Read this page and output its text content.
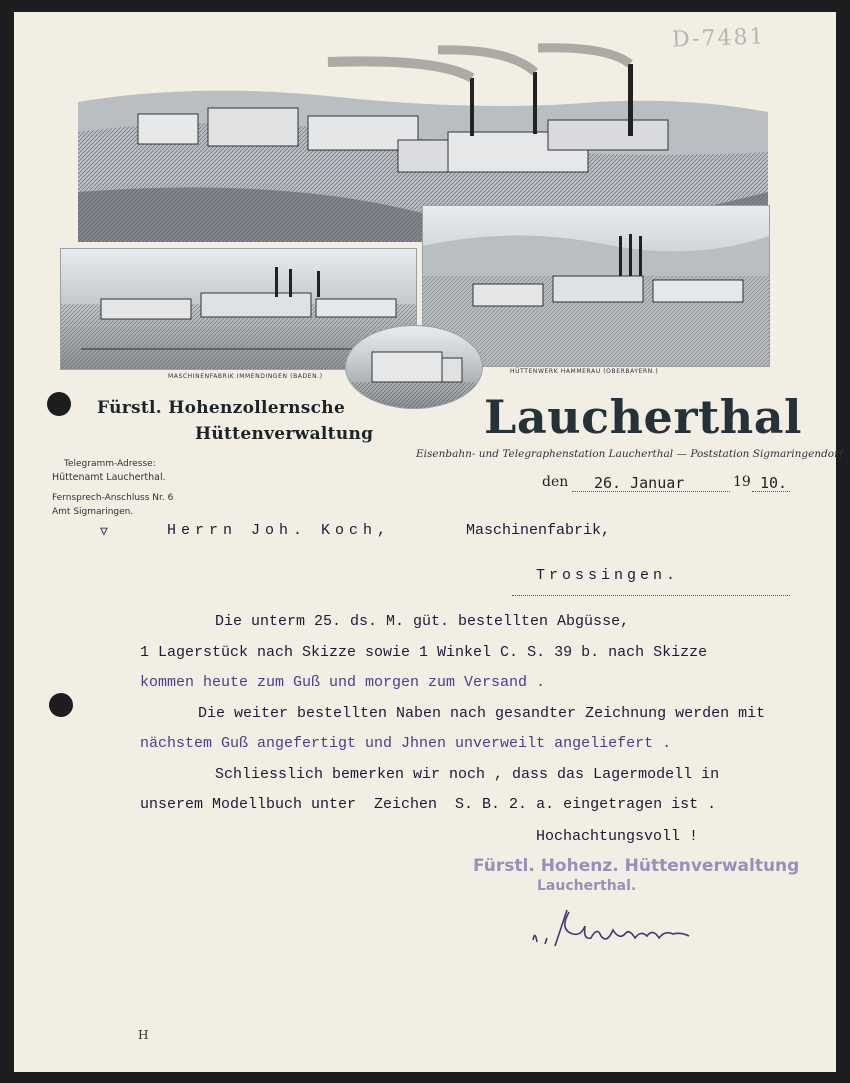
D-7481
MASCHINENFABRIK IMMENDINGEN (BADEN.)
HÜTTENWERK HAMMERAU (OBERBAYERN.)
Fürstl. Hohenzollernsche
Hüttenverwaltung Laucherthal
Eisenbahn- und Telegraphenstation Laucherthal — Poststation Sigmaringendorf
Telegramm-Adresse:
Hüttenamt Laucherthal.
Fernsprech-Anschluss Nr. 6
Amt Sigmaringen.
den 26. Januar	19 10.
▽	Herrn Joh. Koch,	Maschinenfabrik,
Trossingen.
Die unterm 25. ds. M. güt. bestellten Abgüsse,
1 Lagerstück nach Skizze sowie 1 Winkel C. S. 39 b. nach Skizze
kommen heute zum Guß und morgen zum Versand .
Die weiter bestellten Naben nach gesandter Zeichnung werden mit
nächstem Guß angefertigt und Jhnen unverweilt angeliefert .
Schliesslich bemerken wir noch , dass das Lagermodell in
unserem Modellbuch unter  Zeichen  S. B. 2. a. eingetragen ist .
Hochachtungsvoll !
Fürstl. Hohenz. Hüttenverwaltung
Laucherthal.
H
